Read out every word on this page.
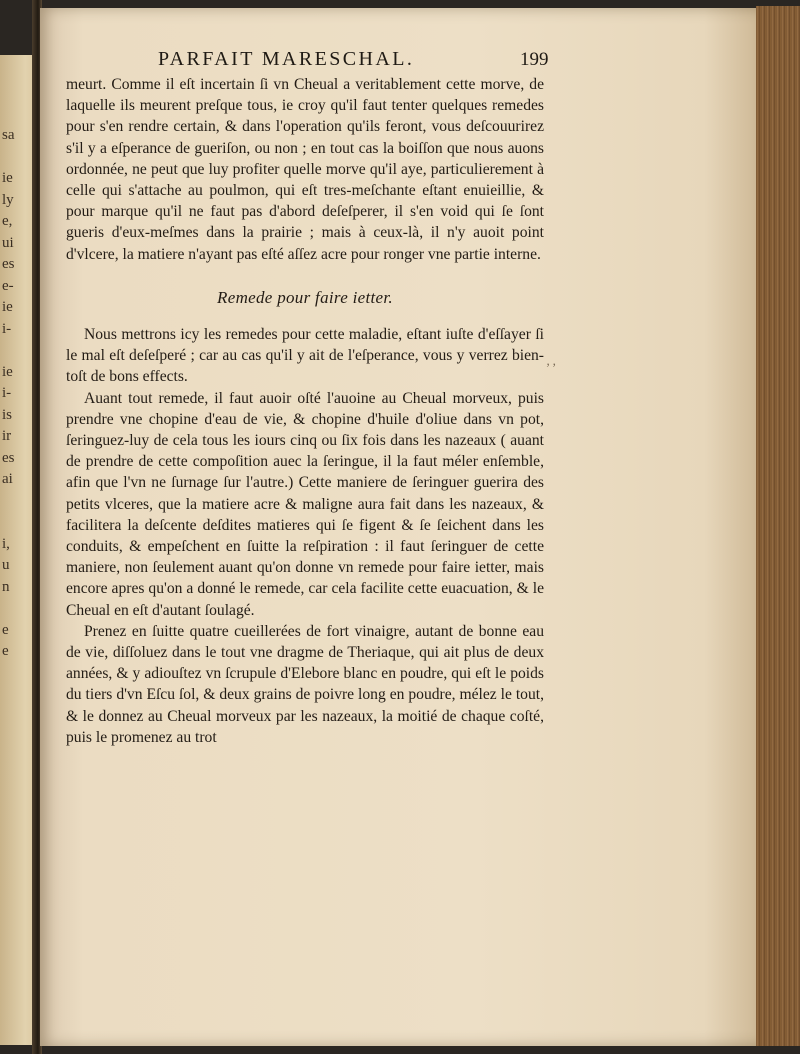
sa
ie
ly
e,
ui
es
e-
ie
i-
ie
i-
is
ir
es
ai
i,
u
n
e
e
PARFAIT MARESCHAL.	199

meurt. Comme il eſt incertain ſi vn Cheual a veritablement cette morve, de laquelle ils meurent preſque tous, ie croy qu'il faut tenter quelques remedes pour s'en rendre certain, & dans l'operation qu'ils feront, vous deſcouurirez s'il y a eſperance de gueriſon, ou non ; en tout cas la boiſſon que nous auons ordonnée, ne peut que luy profiter quelle morve qu'il aye, particulierement à celle qui s'attache au poulmon, qui eſt tres-meſchante eſtant enuieillie, & pour marque qu'il ne faut pas d'abord deſeſperer, il s'en void qui ſe ſont gueris d'eux-meſmes dans la prairie ; mais à ceux-là, il n'y auoit point d'vlcere, la matiere n'ayant pas eſté aſſez acre pour ronger vne partie interne.

Remede pour faire ietter.

Nous mettrons icy les remedes pour cette maladie, eſtant iuſte d'eſſayer ſi le mal eſt deſeſperé ; car au cas qu'il y ait de l'eſperance, vous y verrez bien-toſt de bons effects.

Auant tout remede, il faut auoir oſté l'auoine au Cheual morveux, puis prendre vne chopine d'eau de vie, & chopine d'huile d'oliue dans vn pot, ſeringuez-luy de cela tous les iours cinq ou ſix fois dans les nazeaux ( auant de prendre de cette compoſition auec la ſeringue, il la faut méler enſemble, afin que l'vn ne ſurnage ſur l'autre.) Cette maniere de ſeringuer guerira des petits vlceres, que la matiere acre & maligne aura fait dans les nazeaux, & facilitera la deſcente deſdites matieres qui ſe figent & ſe ſeichent dans les conduits, & empeſchent en ſuitte la reſpiration : il faut ſeringuer de cette maniere, non ſeulement auant qu'on donne vn remede pour faire ietter, mais encore apres qu'on a donné le remede, car cela facilite cette euacuation, & le Cheual en eſt d'autant ſoulagé.

Prenez en ſuitte quatre cueillerées de fort vinaigre, autant de bonne eau de vie, diſſoluez dans le tout vne dragme de Theriaque, qui ait plus de deux années, & y adiouſtez vn ſcrupule d'Elebore blanc en poudre, qui eſt le poids du tiers d'vn Eſcu ſol, & deux grains de poivre long en poudre, mélez le tout, & le donnez au Cheual morveux par les nazeaux, la moitié de chaque coſté, puis le promenez au trot

’ ʼ
